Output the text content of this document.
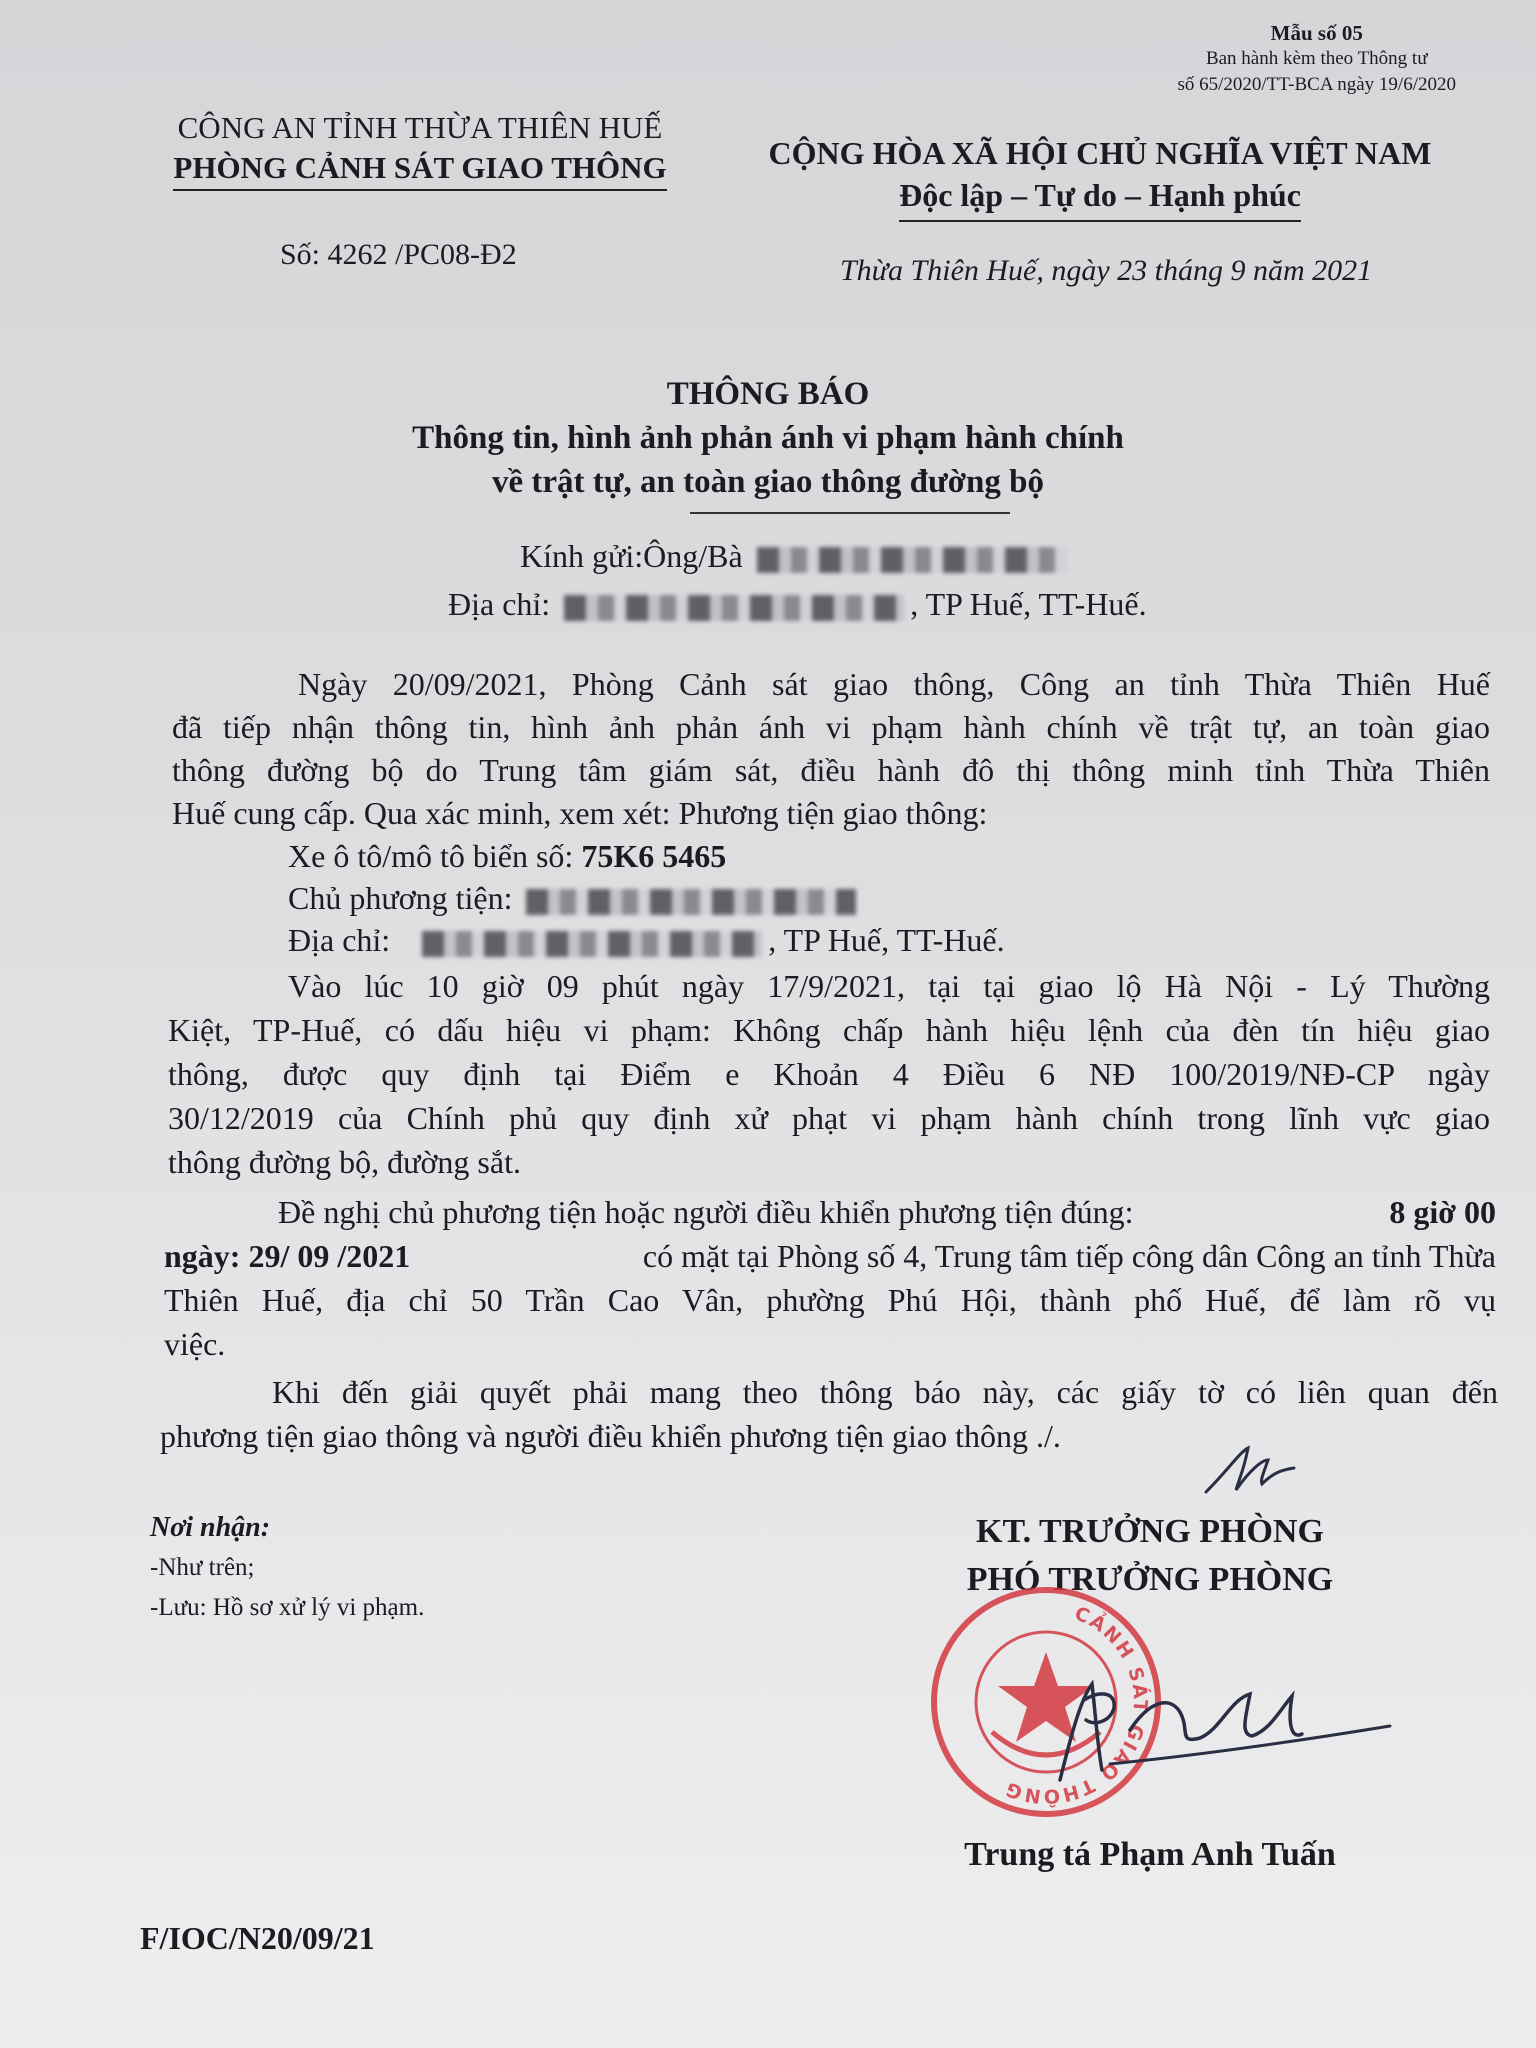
Mẫu số 05
Ban hành kèm theo Thông tư
số 65/2020/TT-BCA ngày 19/6/2020
CÔNG AN TỈNH THỪA THIÊN HUẾ
PHÒNG CẢNH SÁT GIAO THÔNG	CỘNG HÒA XÃ HỘI CHỦ NGHĨA VIỆT NAM
Độc lập – Tự do – Hạnh phúc
Số: 4262 /PC08-Đ2	Thừa Thiên Huế, ngày 23 tháng 9 năm 2021
THÔNG BÁO
Thông tin, hình ảnh phản ánh vi phạm hành chính
về trật tự, an toàn giao thông đường bộ
Kính gửi:Ông/Bà
Địa chỉ:	, TP Huế, TT-Huế.
Ngày 20/09/2021, Phòng Cảnh sát giao thông, Công an tỉnh Thừa Thiên Huế
đã tiếp nhận thông tin, hình ảnh phản ánh vi phạm hành chính về trật tự, an toàn giao
thông đường bộ do Trung tâm giám sát, điều hành đô thị thông minh tỉnh Thừa Thiên
Huế cung cấp. Qua xác minh, xem xét: Phương tiện giao thông:
Xe ô tô/mô tô biển số: 75K6 5465
Chủ phương tiện:
Địa chỉ:	, TP Huế, TT-Huế.
Vào lúc 10 giờ 09 phút ngày 17/9/2021, tại tại giao lộ Hà Nội - Lý Thường
Kiệt, TP-Huế, có dấu hiệu vi phạm: Không chấp hành hiệu lệnh của đèn tín hiệu giao
thông, được quy định tại Điểm e Khoản 4 Điều 6 NĐ 100/2019/NĐ-CP ngày
30/12/2019 của Chính phủ quy định xử phạt vi phạm hành chính trong lĩnh vực giao
thông đường bộ, đường sắt.
Đề nghị chủ phương tiện hoặc người điều khiển phương tiện đúng:	8 giờ 00
ngày: 29/ 09 /2021	có mặt tại Phòng số 4, Trung tâm tiếp công dân Công an tỉnh Thừa
Thiên Huế, địa chỉ 50 Trần Cao Vân, phường Phú Hội, thành phố Huế, để làm rõ vụ
việc.
Khi đến giải quyết phải mang theo thông báo này, các giấy tờ có liên quan đến
phương tiện giao thông và người điều khiển phương tiện giao thông ./.
Nơi nhận:
-Như trên;
-Lưu: Hồ sơ xử lý vi phạm.
KT. TRƯỞNG PHÒNG
PHÓ TRƯỞNG PHÒNG
CẢNH SÁT GIAO THÔNG
Trung tá Phạm Anh Tuấn
F/IOC/N20/09/21
